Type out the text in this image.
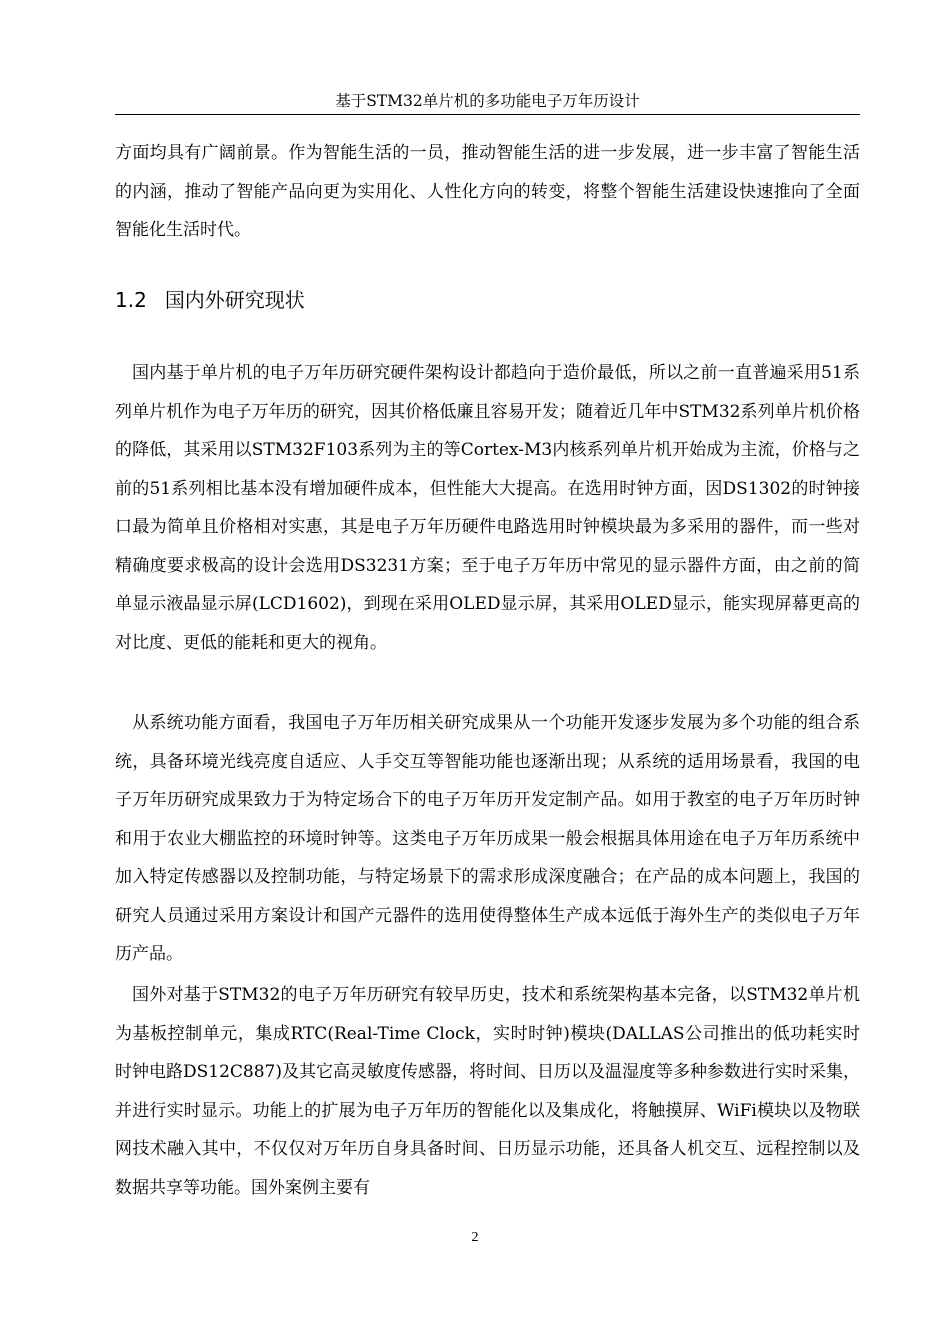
基于STM32单片机的多功能电子万年历设计

方面均具有广阔前景。作为智能生活的一员，推动智能生活的进一步发展，进一步丰富了智能生活的内涵，推动了智能产品向更为实用化、人性化方向的转变，将整个智能生活建设快速推向了全面智能化生活时代。

1.2 国内外研究现状

国内基于单片机的电子万年历研究硬件架构设计都趋向于造价最低，所以之前一直普遍采用51系列单片机作为电子万年历的研究，因其价格低廉且容易开发；随着近几年中STM32系列单片机价格的降低，其采用以STM32F103系列为主的等Cortex-M3内核系列单片机开始成为主流，价格与之前的51系列相比基本没有增加硬件成本，但性能大大提高。在选用时钟方面，因DS1302的时钟接口最为简单且价格相对实惠，其是电子万年历硬件电路选用时钟模块最为多采用的器件，而一些对精确度要求极高的设计会选用DS3231方案；至于电子万年历中常见的显示器件方面，由之前的简单显示液晶显示屏(LCD1602)，到现在采用OLED显示屏，其采用OLED显示，能实现屏幕更高的对比度、更低的能耗和更大的视角。

从系统功能方面看，我国电子万年历相关研究成果从一个功能开发逐步发展为多个功能的组合系统，具备环境光线亮度自适应、人手交互等智能功能也逐渐出现；从系统的适用场景看，我国的电子万年历研究成果致力于为特定场合下的电子万年历开发定制产品。如用于教室的电子万年历时钟和用于农业大棚监控的环境时钟等。这类电子万年历成果一般会根据具体用途在电子万年历系统中加入特定传感器以及控制功能，与特定场景下的需求形成深度融合；在产品的成本问题上，我国的研究人员通过采用方案设计和国产元器件的选用使得整体生产成本远低于海外生产的类似电子万年历产品。

国外对基于STM32的电子万年历研究有较早历史，技术和系统架构基本完备，以STM32单片机为基板控制单元，集成RTC(Real-Time Clock，实时时钟)模块(DALLAS公司推出的低功耗实时时钟电路DS12C887)及其它高灵敏度传感器，将时间、日历以及温湿度等多种参数进行实时采集，并进行实时显示。功能上的扩展为电子万年历的智能化以及集成化，将触摸屏、WiFi模块以及物联网技术融入其中，不仅仅对万年历自身具备时间、日历显示功能，还具备人机交互、远程控制以及数据共享等功能。国外案例主要有

2
